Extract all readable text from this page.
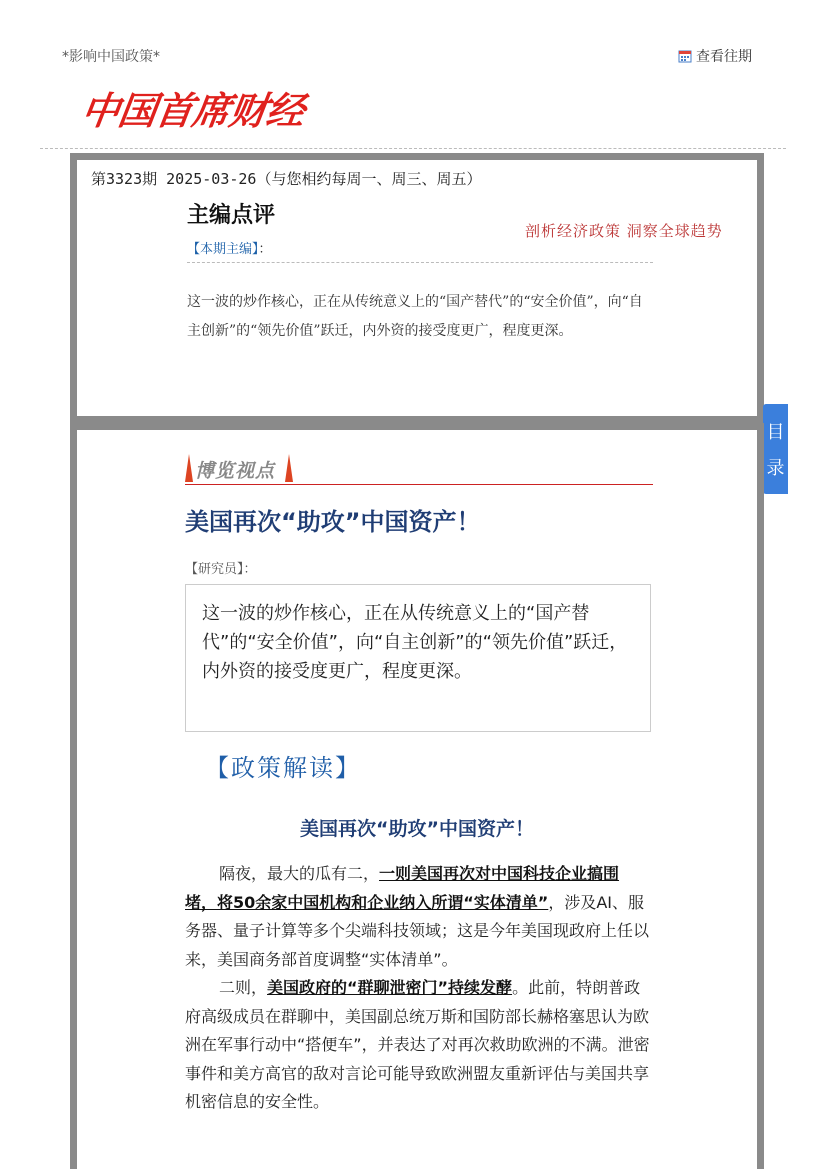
*影响中国政策*	查看往期
中国首席财经
第3323期 2025-03-26（与您相约每周一、周三、周五）
主编点评
剖析经济政策 洞察全球趋势
【本期主编】：
这一波的炒作核心，正在从传统意义上的“国产替代”的“安全价值”，向“自主创新”的“领先价值”跃迁，内外资的接受度更广，程度更深。
目
录
博览视点
美国再次“助攻”中国资产！
【研究员】：
这一波的炒作核心，正在从传统意义上的“国产替代”的“安全价值”，向“自主创新”的“领先价值”跃迁，内外资的接受度更广，程度更深。
【政策解读】
美国再次“助攻”中国资产！
隔夜，最大的瓜有二，一则美国再次对中国科技企业搞围堵，将50余家中国机构和企业纳入所谓“实体清单”，涉及AI、服务器、量子计算等多个尖端科技领域；这是今年美国现政府上任以来，美国商务部首度调整“实体清单”。
二则，美国政府的“群聊泄密门”持续发酵。此前，特朗普政府高级成员在群聊中，美国副总统万斯和国防部长赫格塞思认为欧洲在军事行动中“搭便车”，并表达了对再次救助欧洲的不满。泄密事件和美方高官的敌对言论可能导致欧洲盟友重新评估与美国共享机密信息的安全性。
